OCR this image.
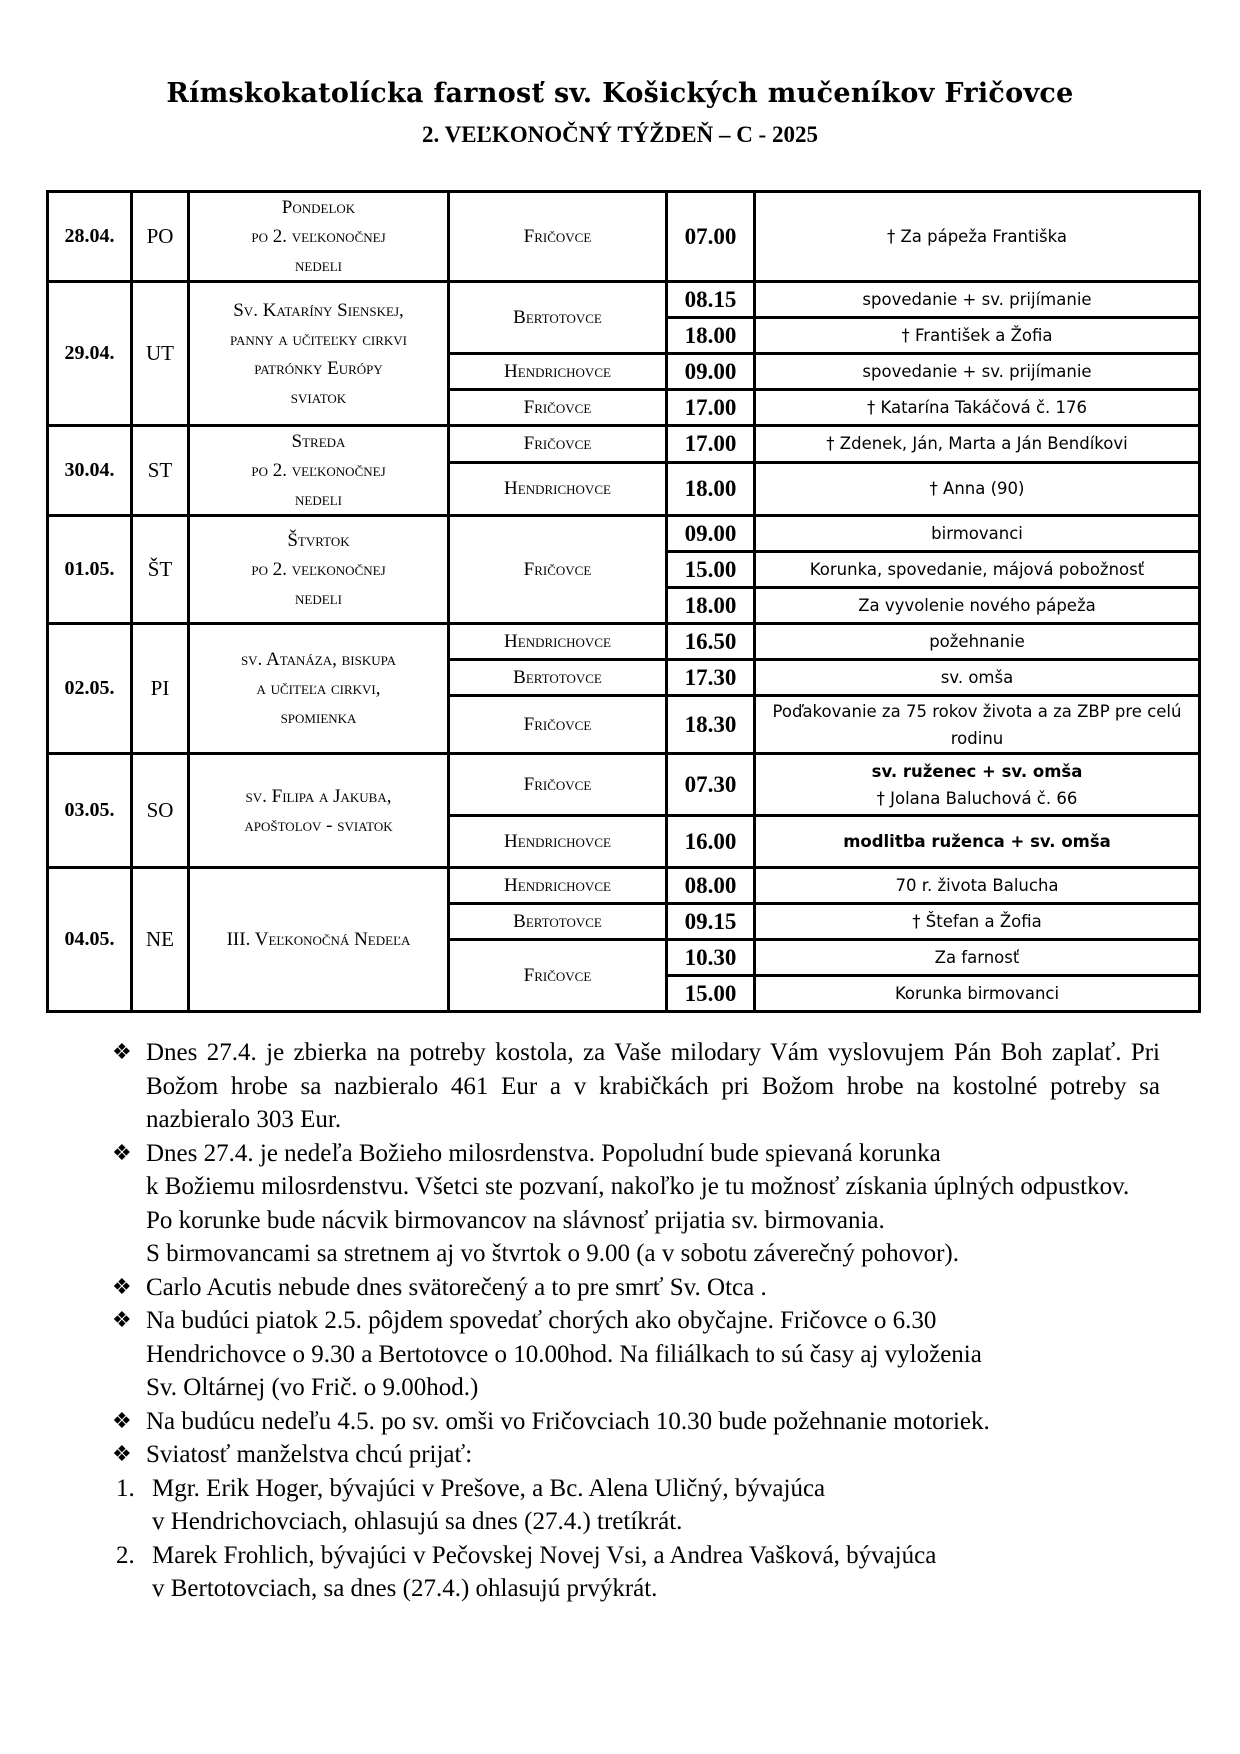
Rímskokatolícka farnosť sv. Košických mučeníkov Fričovce
2. VEĽKONOČNÝ TÝŽDEŇ – C - 2025
28.04.	PO	Pondelok
po 2. veľkonočnej
nedeli	Fričovce	07.00	† Za pápeža Františka
29.04.	UT	Sv. Kataríny Sienskej,
panny a učiteľky cirkvi
patrónky Európy
sviatok	Bertotovce	08.15	spovedanie + sv. prijímanie
				18.00	† František a Žofia
			Hendrichovce	09.00	spovedanie + sv. prijímanie
			Fričovce	17.00	† Katarína Takáčová č. 176
30.04.	ST	Streda
po 2. veľkonočnej
nedeli	Fričovce	17.00	† Zdenek, Ján, Marta a Ján Bendíkovi
			Hendrichovce	18.00	† Anna (90)
01.05.	ŠT	Štvrtok
po 2. veľkonočnej
nedeli	Fričovce	09.00	birmovanci
				15.00	Korunka, spovedanie, májová pobožnosť
				18.00	Za vyvolenie nového pápeža
02.05.	PI	sv. Atanáza, biskupa
a učiteľa cirkvi,
spomienka	Hendrichovce	16.50	požehnanie
			Bertotovce	17.30	sv. omša
			Fričovce	18.30	Poďakovanie za 75 rokov života a za ZBP pre celú rodinu
03.05.	SO	sv. Filipa a Jakuba,
apoštolov - sviatok	Fričovce	07.30	sv. ruženec + sv. omša
† Jolana Baluchová č. 66

			Hendrichovce	16.00	modlitba ruženca + sv. omša
04.05.	NE	III. Veľkonočná Nedeľa	Hendrichovce	08.00	70 r. života Balucha
			Bertotovce	09.15	† Štefan a Žofia
			Fričovce	10.30	Za farnosť
				15.00	Korunka birmovanci
❖ Dnes 27.4. je zbierka na potreby kostola, za Vaše milodary Vám vyslovujem Pán Boh zaplať. Pri Božom hrobe sa nazbieralo 461 Eur a v krabičkách pri Božom hrobe na kostolné potreby sa nazbieralo 303 Eur.
❖ Dnes 27.4. je nedeľa Božieho milosrdenstva. Popoludní bude spievaná korunka
k Božiemu milosrdenstvu. Všetci ste pozvaní, nakoľko je tu možnosť získania úplných odpustkov.
Po korunke bude nácvik birmovancov na slávnosť prijatia sv. birmovania.
S birmovancami sa stretnem aj vo štvrtok o 9.00 (a v sobotu záverečný pohovor).
❖ Carlo Acutis nebude dnes svätorečený a to pre smrť Sv. Otca .
❖ Na budúci piatok 2.5. pôjdem spovedať chorých ako obyčajne. Fričovce o 6.30
Hendrichovce o 9.30 a Bertotovce o 10.00hod. Na filiálkach to sú časy aj vyloženia
Sv. Oltárnej (vo Frič. o 9.00hod.)
❖ Na budúcu nedeľu 4.5. po sv. omši vo Fričovciach 10.30 bude požehnanie motoriek.
❖ Sviatosť manželstva chcú prijať:
1. Mgr. Erik Hoger, bývajúci v Prešove, a Bc. Alena Uličný, bývajúca
v Hendrichovciach, ohlasujú sa dnes (27.4.) tretíkrát.
2. Marek Frohlich, bývajúci v Pečovskej Novej Vsi, a Andrea Vašková, bývajúca
v Bertotovciach, sa dnes (27.4.) ohlasujú prvýkrát.
